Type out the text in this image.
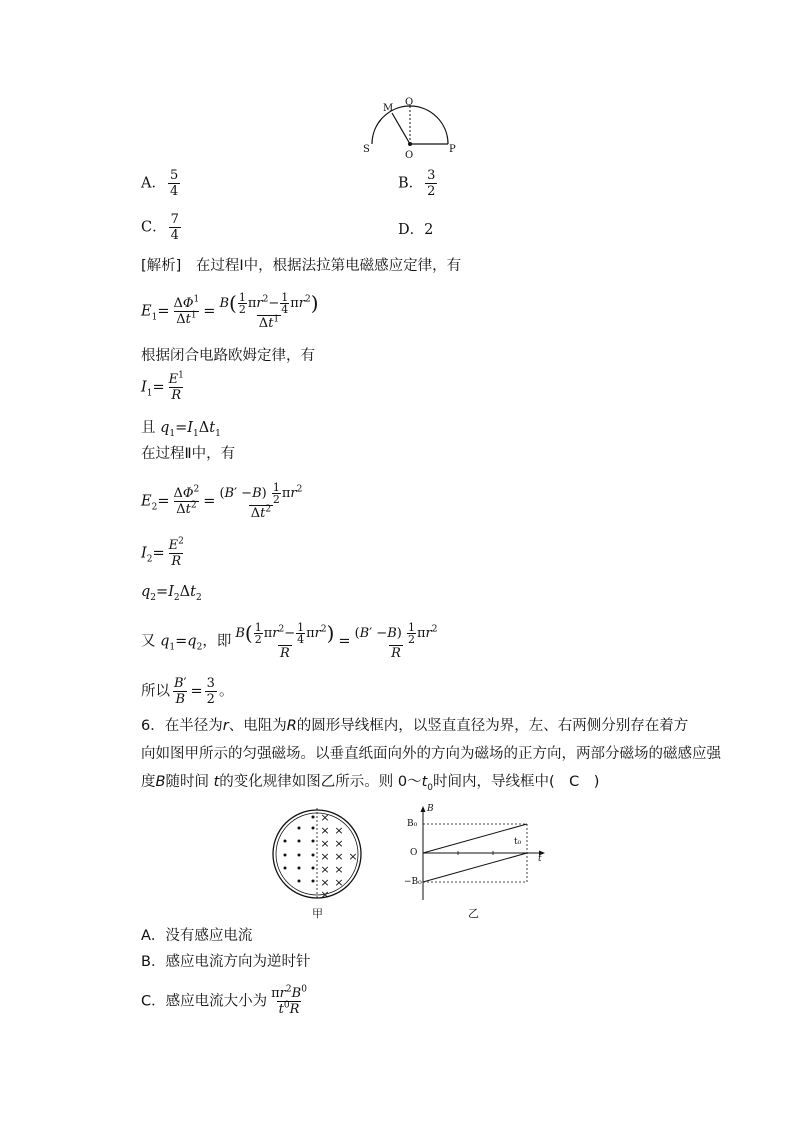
M
Q
S
O
P
A． $\frac{5}{4}$	B． $\frac{3}{2}$
C． $\frac{7}{4}$	D．2
[解析]　 在过程Ⅰ中，根据法拉第电磁感应定律，有
$E_1= \frac{\Delta\Phi^1}{\Delta t^1} = \frac{B( \frac{1}{2} \pi r^2- \frac{1}{4} \pi r^2)}{\Delta t^1}$
根据闭合电路欧姆定律，有
$I_1= \frac{E^1}{R}$
且 $q_1=I_1\Delta t_1$
在过程Ⅱ中，有
$E_2= \frac{\Delta\Phi^2}{\Delta t^2} = \frac{(B' -B) \frac{1}{2} \pi r^2}{\Delta t^2}$
$I_2= \frac{E^2}{R}$
$q_2=I_2\Delta t_2$
又 $q_1=q_2$，即 $\frac{B( \frac{1}{2} \pi r^2- \frac{1}{4} \pi r^2)}{R} = \frac{(B' -B) \frac{1}{2} \pi r^2}{R}$
所以 $\frac{B'}{B} = \frac{3}{2}$ 。
6．在半径为r、电阻为R的圆形导线框内，以竖直直径为界，左、右两侧分别存在着方
向如图甲所示的匀强磁场。以垂直纸面向外的方向为磁场的正方向，两部分磁场的磁感应强
度B随时间 t的变化规律如图乙所示。则 $0\sim t_0$时间内，导线框中(　C　)
×
× ×
× ×
× × ×
× ×
× ×
×
甲
B
B₀
O
−B₀
t₀
t
乙
A．没有感应电流
B．感应电流方向为逆时针
C．感应电流大小为 $\frac{\pi r^2B^0}{t^0R}$
